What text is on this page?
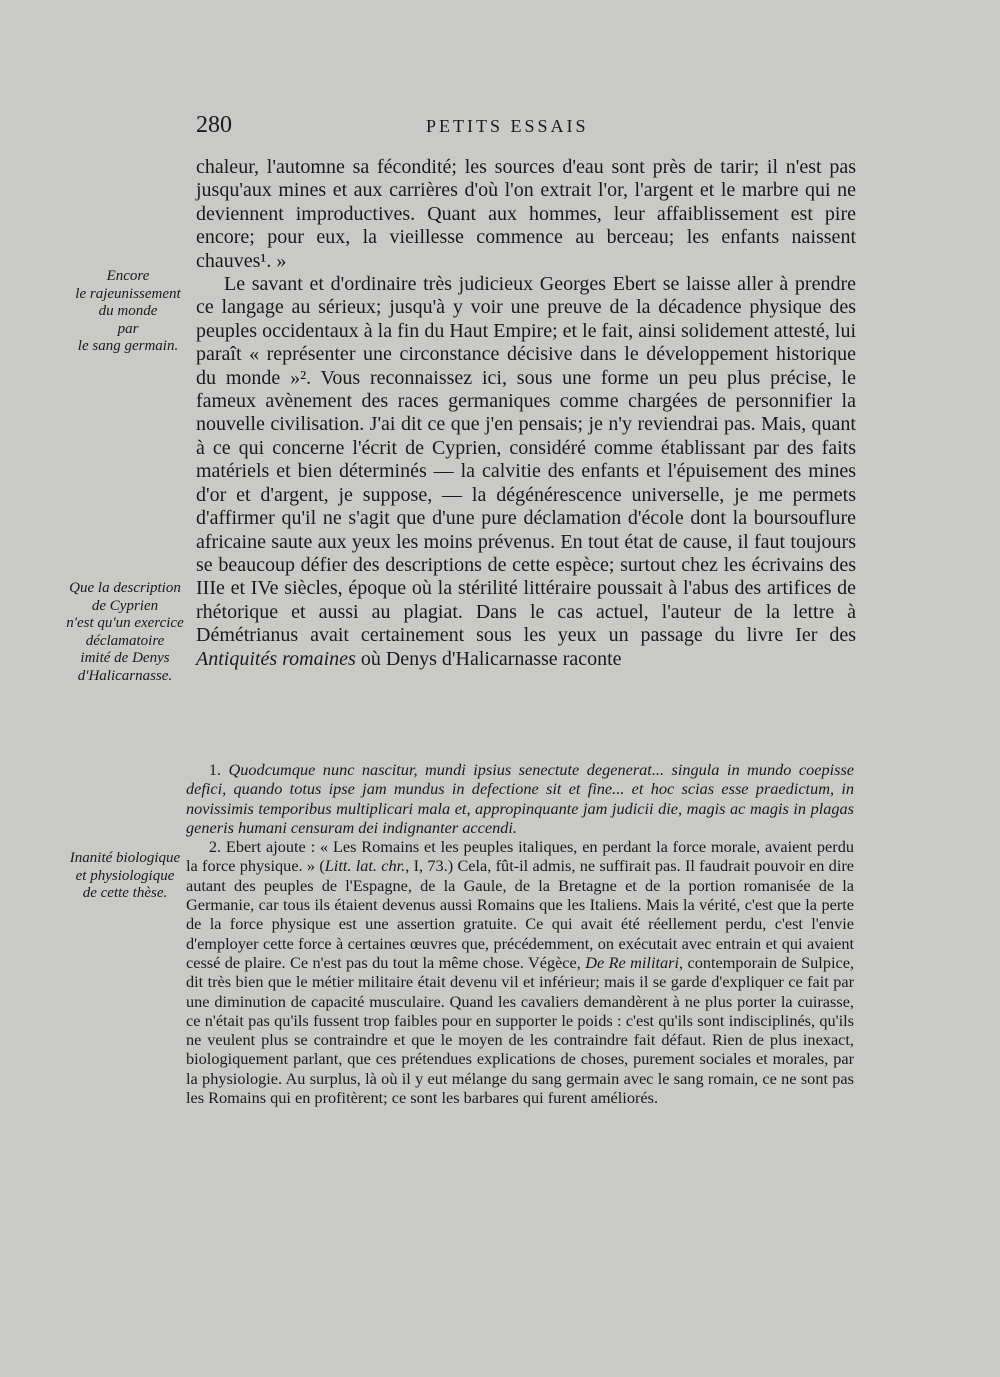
280	PETITS ESSAIS
Encore
le rajeunissement
du monde
par
le sang germain.
Que la description
de Cyprien
n'est qu'un exercice
déclamatoire
imité de Denys
d'Halicarnasse.
Inanité biologique
et physiologique
de cette thèse.

chaleur, l'automne sa fécondité; les sources d'eau sont près de tarir; il n'est pas jusqu'aux mines et aux carrières d'où l'on extrait l'or, l'argent et le marbre qui ne deviennent improductives. Quant aux hommes, leur affaiblissement est pire encore; pour eux, la vieillesse commence au berceau; les enfants naissent chauves¹. »

Le savant et d'ordinaire très judicieux Georges Ebert se laisse aller à prendre ce langage au sérieux; jusqu'à y voir une preuve de la décadence physique des peuples occidentaux à la fin du Haut Empire; et le fait, ainsi solidement attesté, lui paraît « représenter une circonstance décisive dans le développement historique du monde »². Vous reconnaissez ici, sous une forme un peu plus précise, le fameux avènement des races germaniques comme chargées de personnifier la nouvelle civilisation. J'ai dit ce que j'en pensais; je n'y reviendrai pas. Mais, quant à ce qui concerne l'écrit de Cyprien, considéré comme établissant par des faits matériels et bien déterminés — la calvitie des enfants et l'épuisement des mines d'or et d'argent, je suppose, — la dégénérescence universelle, je me permets d'affirmer qu'il ne s'agit que d'une pure déclamation d'école dont la boursouflure africaine saute aux yeux les moins prévenus. En tout état de cause, il faut toujours se beaucoup défier des descriptions de cette espèce; surtout chez les écrivains des IIIe et IVe siècles, époque où la stérilité littéraire poussait à l'abus des artifices de rhétorique et aussi au plagiat. Dans le cas actuel, l'auteur de la lettre à Démétrianus avait certainement sous les yeux un passage du livre Ier des Antiquités romaines où Denys d'Halicarnasse raconte

1. Quodcumque nunc nascitur, mundi ipsius senectute degenerat... singula in mundo coepisse defici, quando totus ipse jam mundus in defectione sit et fine... et hoc scias esse praedictum, in novissimis temporibus multiplicari mala et, appropinquante jam judicii die, magis ac magis in plagas generis humani censuram dei indignanter accendi.

2. Ebert ajoute : « Les Romains et les peuples italiques, en perdant la force morale, avaient perdu la force physique. » (Litt. lat. chr., I, 73.) Cela, fût-il admis, ne suffirait pas. Il faudrait pouvoir en dire autant des peuples de l'Espagne, de la Gaule, de la Bretagne et de la portion romanisée de la Germanie, car tous ils étaient devenus aussi Romains que les Italiens. Mais la vérité, c'est que la perte de la force physique est une assertion gratuite. Ce qui avait été réellement perdu, c'est l'envie d'employer cette force à certaines œuvres que, précédemment, on exécutait avec entrain et qui avaient cessé de plaire. Ce n'est pas du tout la même chose. Végèce, De Re militari, contemporain de Sulpice, dit très bien que le métier militaire était devenu vil et inférieur; mais il se garde d'expliquer ce fait par une diminution de capacité musculaire. Quand les cavaliers demandèrent à ne plus porter la cuirasse, ce n'était pas qu'ils fussent trop faibles pour en supporter le poids : c'est qu'ils sont indisciplinés, qu'ils ne veulent plus se contraindre et que le moyen de les contraindre fait défaut. Rien de plus inexact, biologiquement parlant, que ces prétendues explications de choses, purement sociales et morales, par la physiologie. Au surplus, là où il y eut mélange du sang germain avec le sang romain, ce ne sont pas les Romains qui en profitèrent; ce sont les barbares qui furent améliorés.
